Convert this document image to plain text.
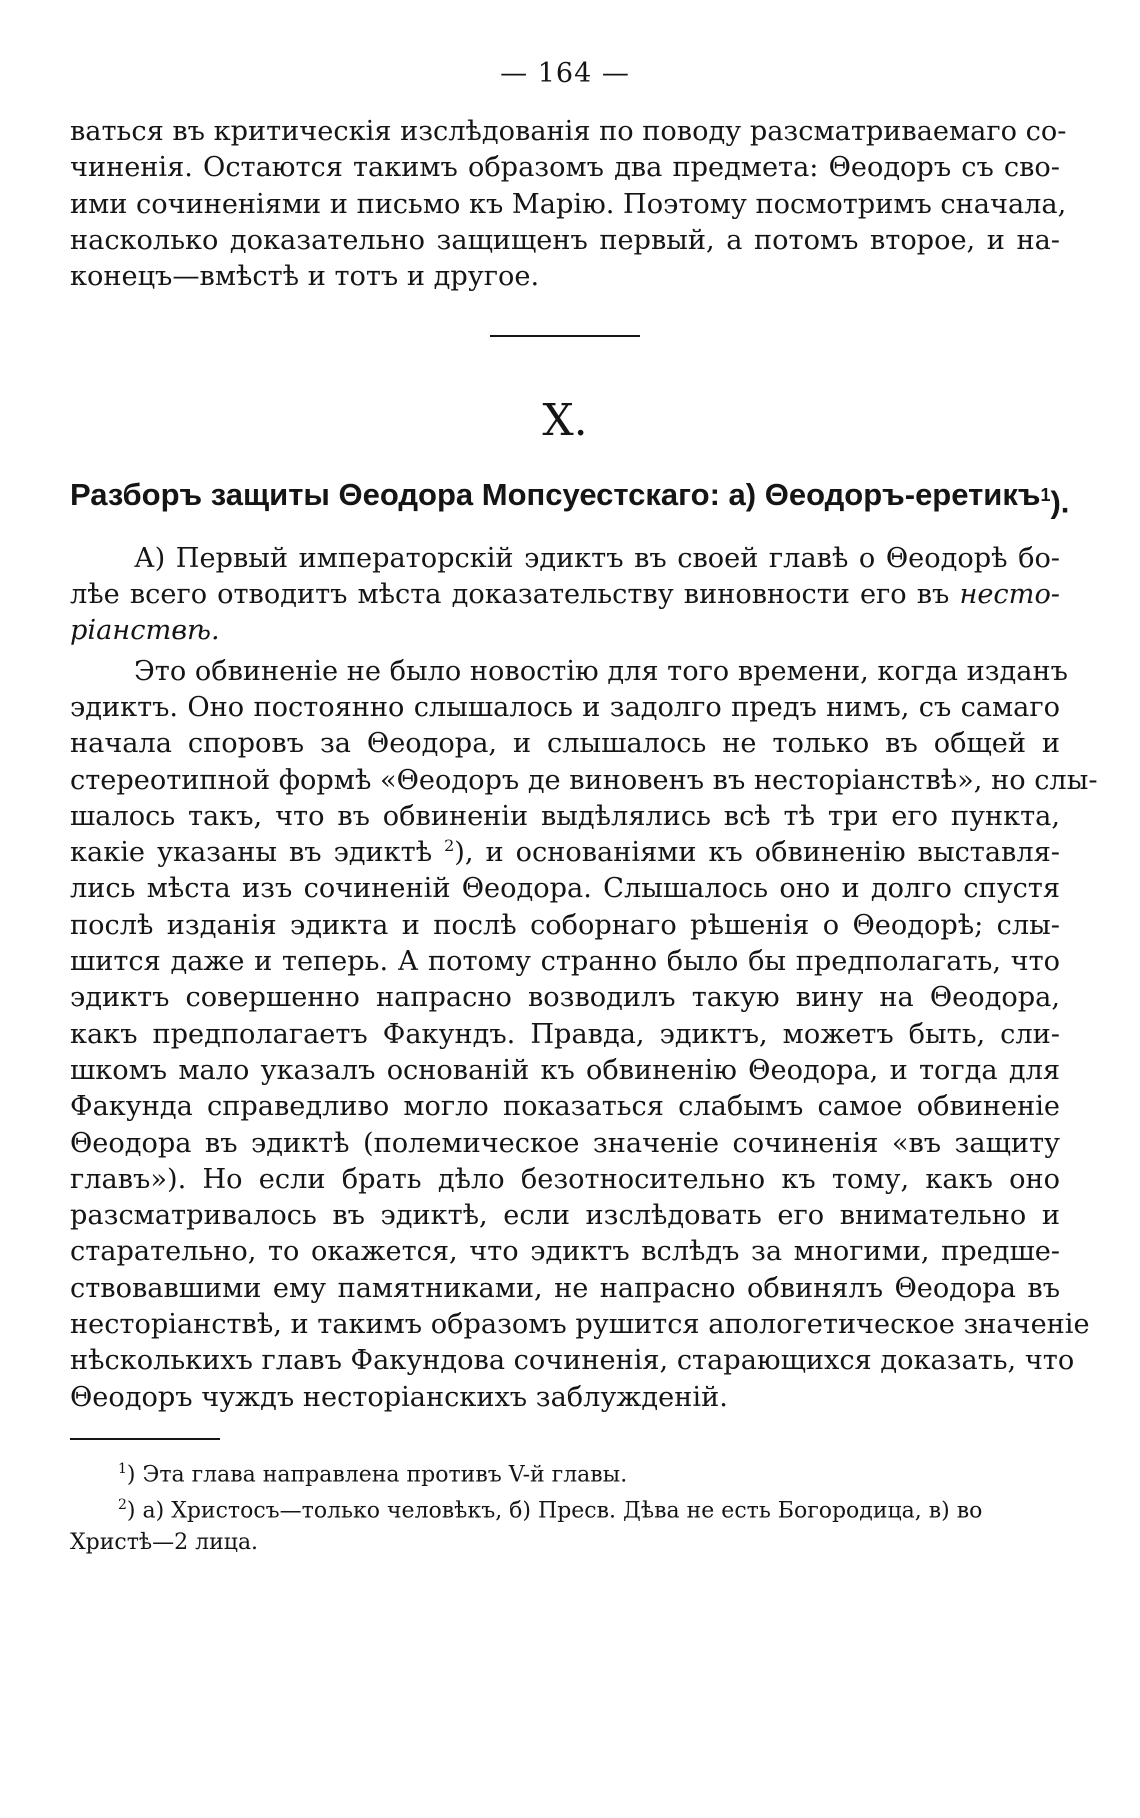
— 164 —

ваться въ критическія изслѣдованія по поводу разсматриваемаго со-
чиненія. Остаются такимъ образомъ два предмета: Θеодоръ съ сво-
ими сочиненіями и письмо къ Марію. Поэтому посмотримъ сначала,
насколько доказательно защищенъ первый, а потомъ второе, и на-
конецъ—вмѣстѣ и тотъ и другое.

X.
Разборъ защиты Θеодора Мопсуестскаго: а) Θеодоръ-еретикъ $^1$).

А) Первый императорскій эдиктъ въ своей главѣ о Θеодорѣ бо-
лѣе всего отводитъ мѣста доказательству виновности его въ несто-
ріанствѣ.

Это обвиненіе не было новостію для того времени, когда изданъ
эдиктъ. Оно постоянно слышалось и задолго предъ нимъ, съ самаго
начала споровъ за Θеодора, и слышалось не только въ общей и
стереотипной формѣ «Θеодоръ де виновенъ въ несторіанствѣ», но слы-
шалось такъ, что въ обвиненіи выдѣлялись всѣ тѣ три его пункта,
какіе указаны въ эдиктѣ $^2$), и основаніями къ обвиненію выставля-
лись мѣста изъ сочиненій Θеодора. Слышалось оно и долго спустя
послѣ изданія эдикта и послѣ соборнаго рѣшенія о Θеодорѣ; слы-
шится даже и теперь. А потому странно было бы предполагать, что
эдиктъ совершенно напрасно возводилъ такую вину на Θеодора,
какъ предполагаетъ Факундъ. Правда, эдиктъ, можетъ быть, сли-
шкомъ мало указалъ основаній къ обвиненію Θеодора, и тогда для
Факунда справедливо могло показаться слабымъ самое обвиненіе
Θеодора въ эдиктѣ (полемическое значеніе сочиненія «въ защиту
главъ»). Но если брать дѣло безотносительно къ тому, какъ оно
разсматривалось въ эдиктѣ, если изслѣдовать его внимательно и
старательно, то окажется, что эдиктъ вслѣдъ за многими, предше-
ствовавшими ему памятниками, не напрасно обвинялъ Θеодора въ
несторіанствѣ, и такимъ образомъ рушится апологетическое значеніе
нѣсколькихъ главъ Факундова сочиненія, старающихся доказать, что
Θеодоръ чуждъ несторіанскихъ заблужденій.

$^1$) Эта глава направлена противъ V-й главы.
$^2$) а) Христосъ—только человѣкъ, б) Пресв. Дѣва не есть Богородица, в) во
Христѣ—2 лица.
